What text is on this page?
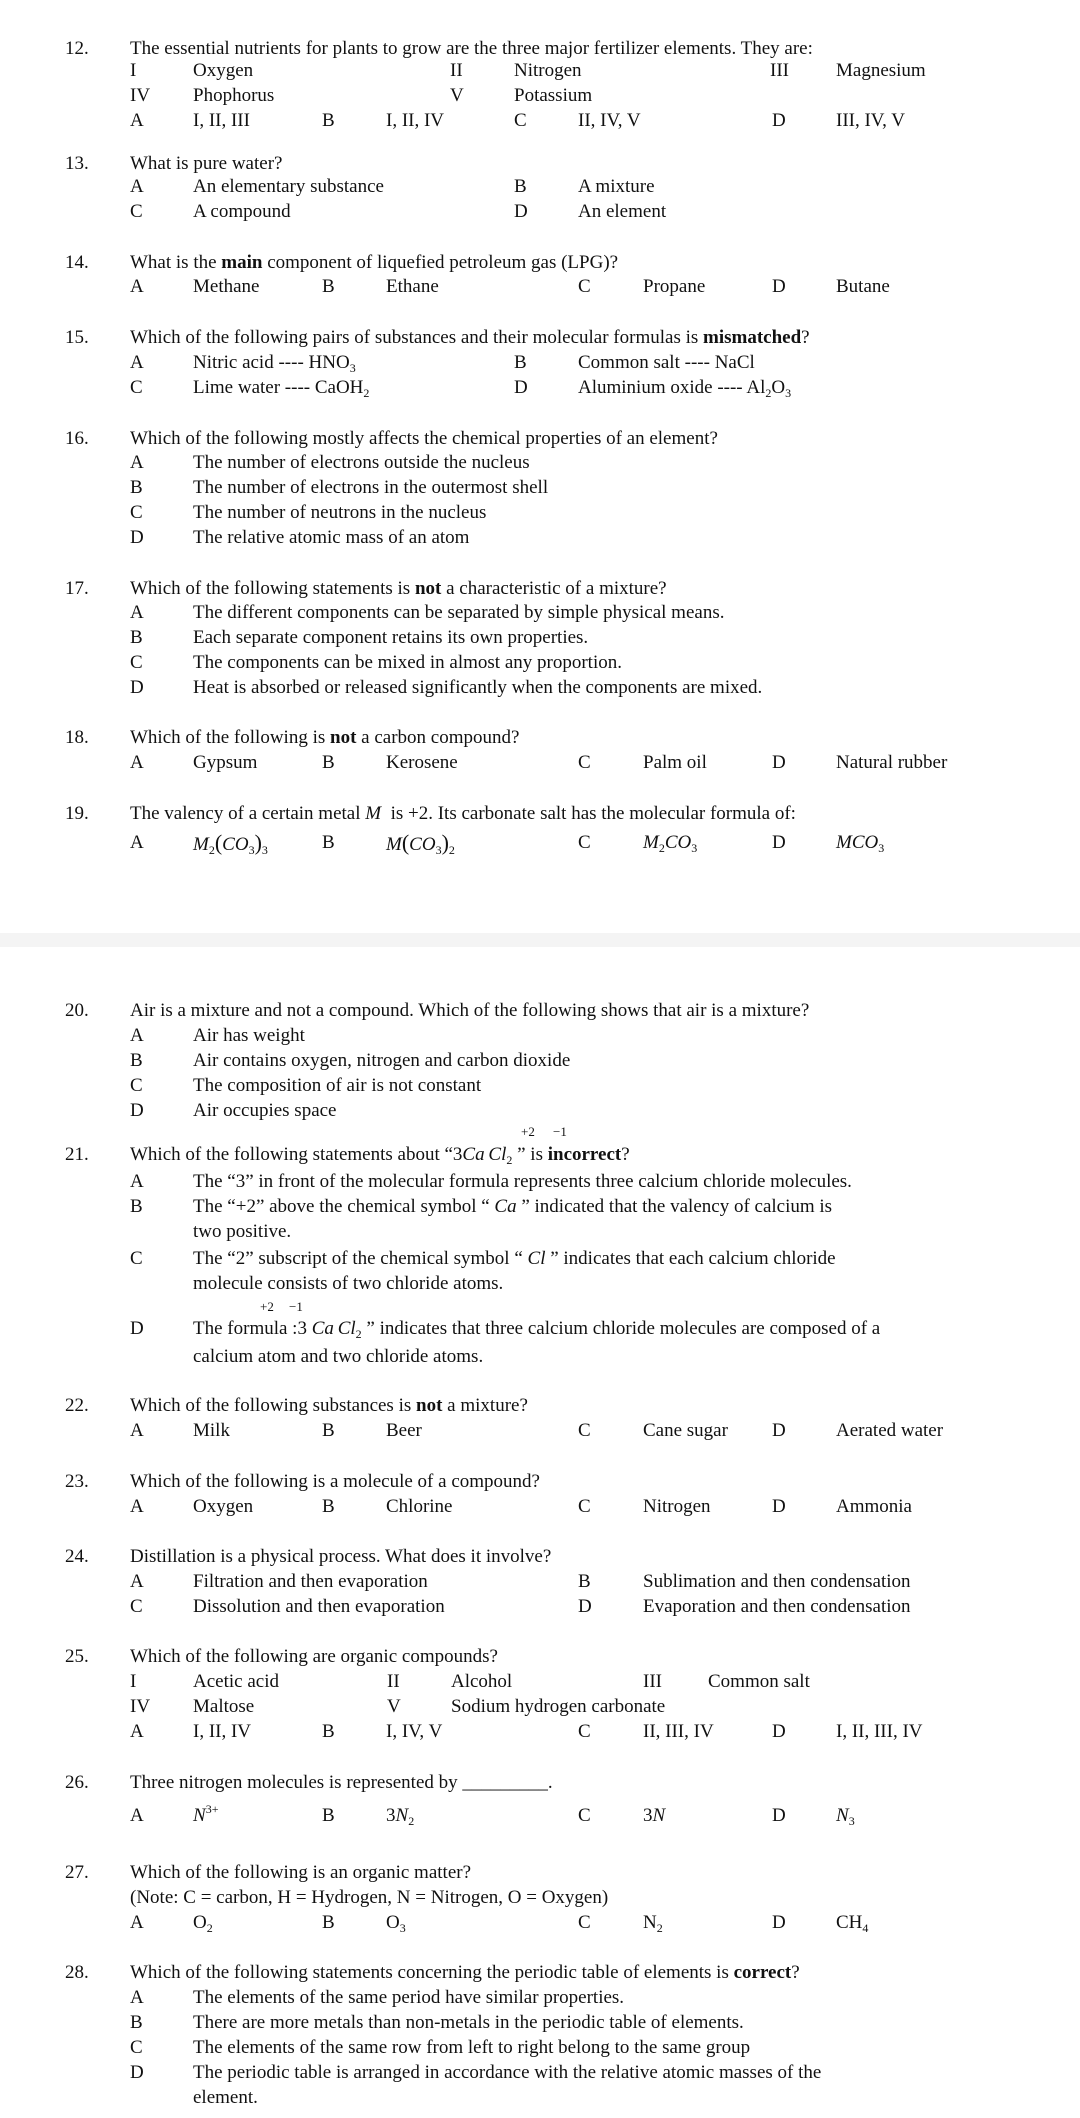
12. The essential nutrients for plants to grow are the three major fertilizer elements. They are:
I	Oxygen	II	Nitrogen	III Magnesium
IV Phophorus	V	Potassium
A	I, II, III	B	I, II, IV	C	II, IV, V	D	III, IV, V
13. What is pure water?
A	An elementary substance	B	A mixture
C	A compound	D	An element
14. What is the main component of liquefied petroleum gas (LPG)?
A	Methane	B	Ethane	C	Propane	D	Butane
15. Which of the following pairs of substances and their molecular formulas is mismatched?
A	Nitric acid ---- $HNO_3$	B	Common salt ---- NaCl
C	Lime water ---- CaOH$_2$	D	Aluminium oxide ---- $Al_2O_3$
16. Which of the following mostly affects the chemical properties of an element?
A	The number of electrons outside the nucleus
B	The number of electrons in the outermost shell
C	The number of neutrons in the nucleus
D	The relative atomic mass of an atom
17. Which of the following statements is not a characteristic of a mixture?
A	The different components can be separated by simple physical means.
B	Each separate component retains its own properties.
C	The components can be mixed in almost any proportion.
D	Heat is absorbed or released significantly when the components are mixed.
18. Which of the following is not a carbon compound?
A	Gypsum	B	Kerosene	C	Palm oil	D	Natural rubber
19. The valency of a certain metal M  is +2. Its carbonate salt has the molecular formula of:
A	$M_2(CO_3)_3$	B	$M(CO_3)_2$	C	$M_2CO_3$	D	$MCO_3$
20. Air is a mixture and not a compound. Which of the following shows that air is a mixture?
A	Air has weight
B	Air contains oxygen, nitrogen and carbon dioxide
C	The composition of air is not constant
D	Air occupies space
+2 −1
21. Which of the following statements about “3Ca $Cl_2$ ” is incorrect?
A	The “3” in front of the molecular formula represents three calcium chloride molecules.
B	The “+2” above the chemical symbol “ Ca ” indicated that the valency of calcium is
two positive.
C	The “2” subscript of the chemical symbol “ Cl ” indicates that each calcium chloride
molecule consists of two chloride atoms.
+2 −1
D	The formula :3 Ca $Cl_2$ ” indicates that three calcium chloride molecules are composed of a
calcium atom and two chloride atoms.
22. Which of the following substances is not a mixture?
A	Milk	B	Beer	C	Cane sugar D	Aerated water
23. Which of the following is a molecule of a compound?
A	Oxygen	B	Chlorine	C	Nitrogen	D	Ammonia
24. Distillation is a physical process. What does it involve?
A	Filtration and then evaporation	B	Sublimation and then condensation
C	Dissolution and then evaporation	D	Evaporation and then condensation
25. Which of the following are organic compounds?
I	Acetic acid	II	Alcohol	III Common salt
IV Maltose	V	Sodium hydrogen carbonate
A	I, II, IV	B	I, IV, V	C	II, III, IV	D	I, II, III, IV
26. Three nitrogen molecules is represented by _________.
A	$N^{3+}$	B	$3N_2$	C	3N	D	$N_3$
27. Which of the following is an organic matter?
(Note: C = carbon, H = Hydrogen, N = Nitrogen, O = Oxygen)
A	$O_2$	B	$O_3$	C	$N_2$	D	$CH_4$
28. Which of the following statements concerning the periodic table of elements is correct?
A	The elements of the same period have similar properties.
B	There are more metals than non-metals in the periodic table of elements.
C	The elements of the same row from left to right belong to the same group
D	The periodic table is arranged in accordance with the relative atomic masses of the
element.
